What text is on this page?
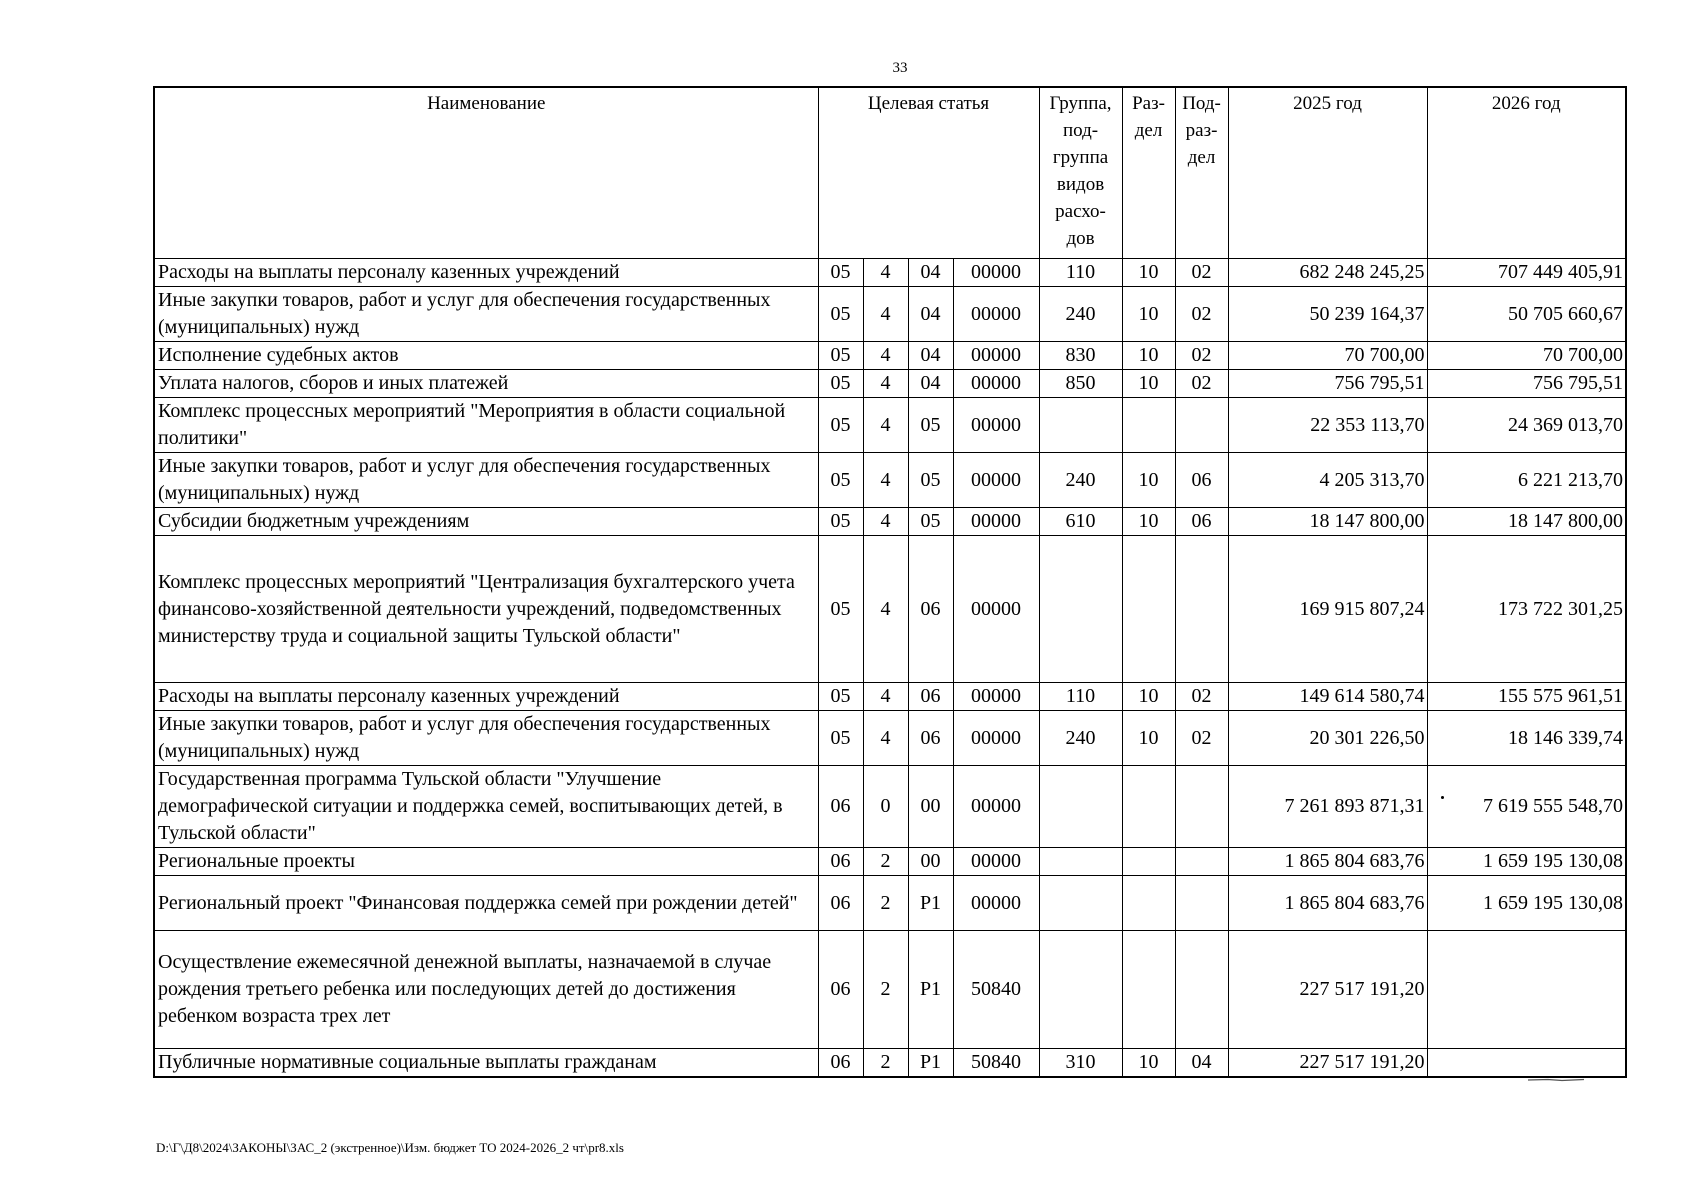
33
Наименование	Целевая статья				Группа, под-группа видов расхо-дов	Раз-дел	Под-раз-дел	2025 год	2026 год
Расходы на выплаты персоналу казенных учреждений	05	4	04	00000	110	10	02	682 248 245,25	707 449 405,91
Иные закупки товаров, работ и услуг для обеспечения государственных (муниципальных) нужд	05	4	04	00000	240	10	02	50 239 164,37	50 705 660,67
Исполнение судебных актов	05	4	04	00000	830	10	02	70 700,00	70 700,00
Уплата налогов, сборов и иных платежей	05	4	04	00000	850	10	02	756 795,51	756 795,51
Комплекс процессных мероприятий "Мероприятия в области социальной политики"	05	4	05	00000				22 353 113,70	24 369 013,70
Иные закупки товаров, работ и услуг для обеспечения государственных (муниципальных) нужд	05	4	05	00000	240	10	06	4 205 313,70	6 221 213,70
Субсидии бюджетным учреждениям	05	4	05	00000	610	10	06	18 147 800,00	18 147 800,00
Комплекс процессных мероприятий "Централизация бухгалтерского учета финансово-хозяйственной деятельности учреждений, подведомственных министерству труда и социальной защиты Тульской области"	05	4	06	00000				169 915 807,24	173 722 301,25
Расходы на выплаты персоналу казенных учреждений	05	4	06	00000	110	10	02	149 614 580,74	155 575 961,51
Иные закупки товаров, работ и услуг для обеспечения государственных (муниципальных) нужд	05	4	06	00000	240	10	02	20 301 226,50	18 146 339,74
Государственная программа Тульской области "Улучшение демографической ситуации и поддержка семей, воспитывающих детей, в Тульской области"	06	0	00	00000				7 261 893 871,31	7 619 555 548,70
Региональные проекты	06	2	00	00000				1 865 804 683,76	1 659 195 130,08
Региональный проект "Финансовая поддержка семей при рождении детей"	06	2	P1	00000				1 865 804 683,76	1 659 195 130,08
Осуществление ежемесячной денежной выплаты, назначаемой в случае рождения третьего ребенка или последующих детей до достижения ребенком возраста трех лет	06	2	P1	50840				227 517 191,20	
Публичные нормативные социальные выплаты гражданам	06	2	P1	50840	310	10	04	227 517 191,20	
D:\Г\Д8\2024\ЗАКОНЫ\ЗАС_2 (экстренное)\Изм. бюджет ТО 2024-2026_2 чт\pr8.xls
